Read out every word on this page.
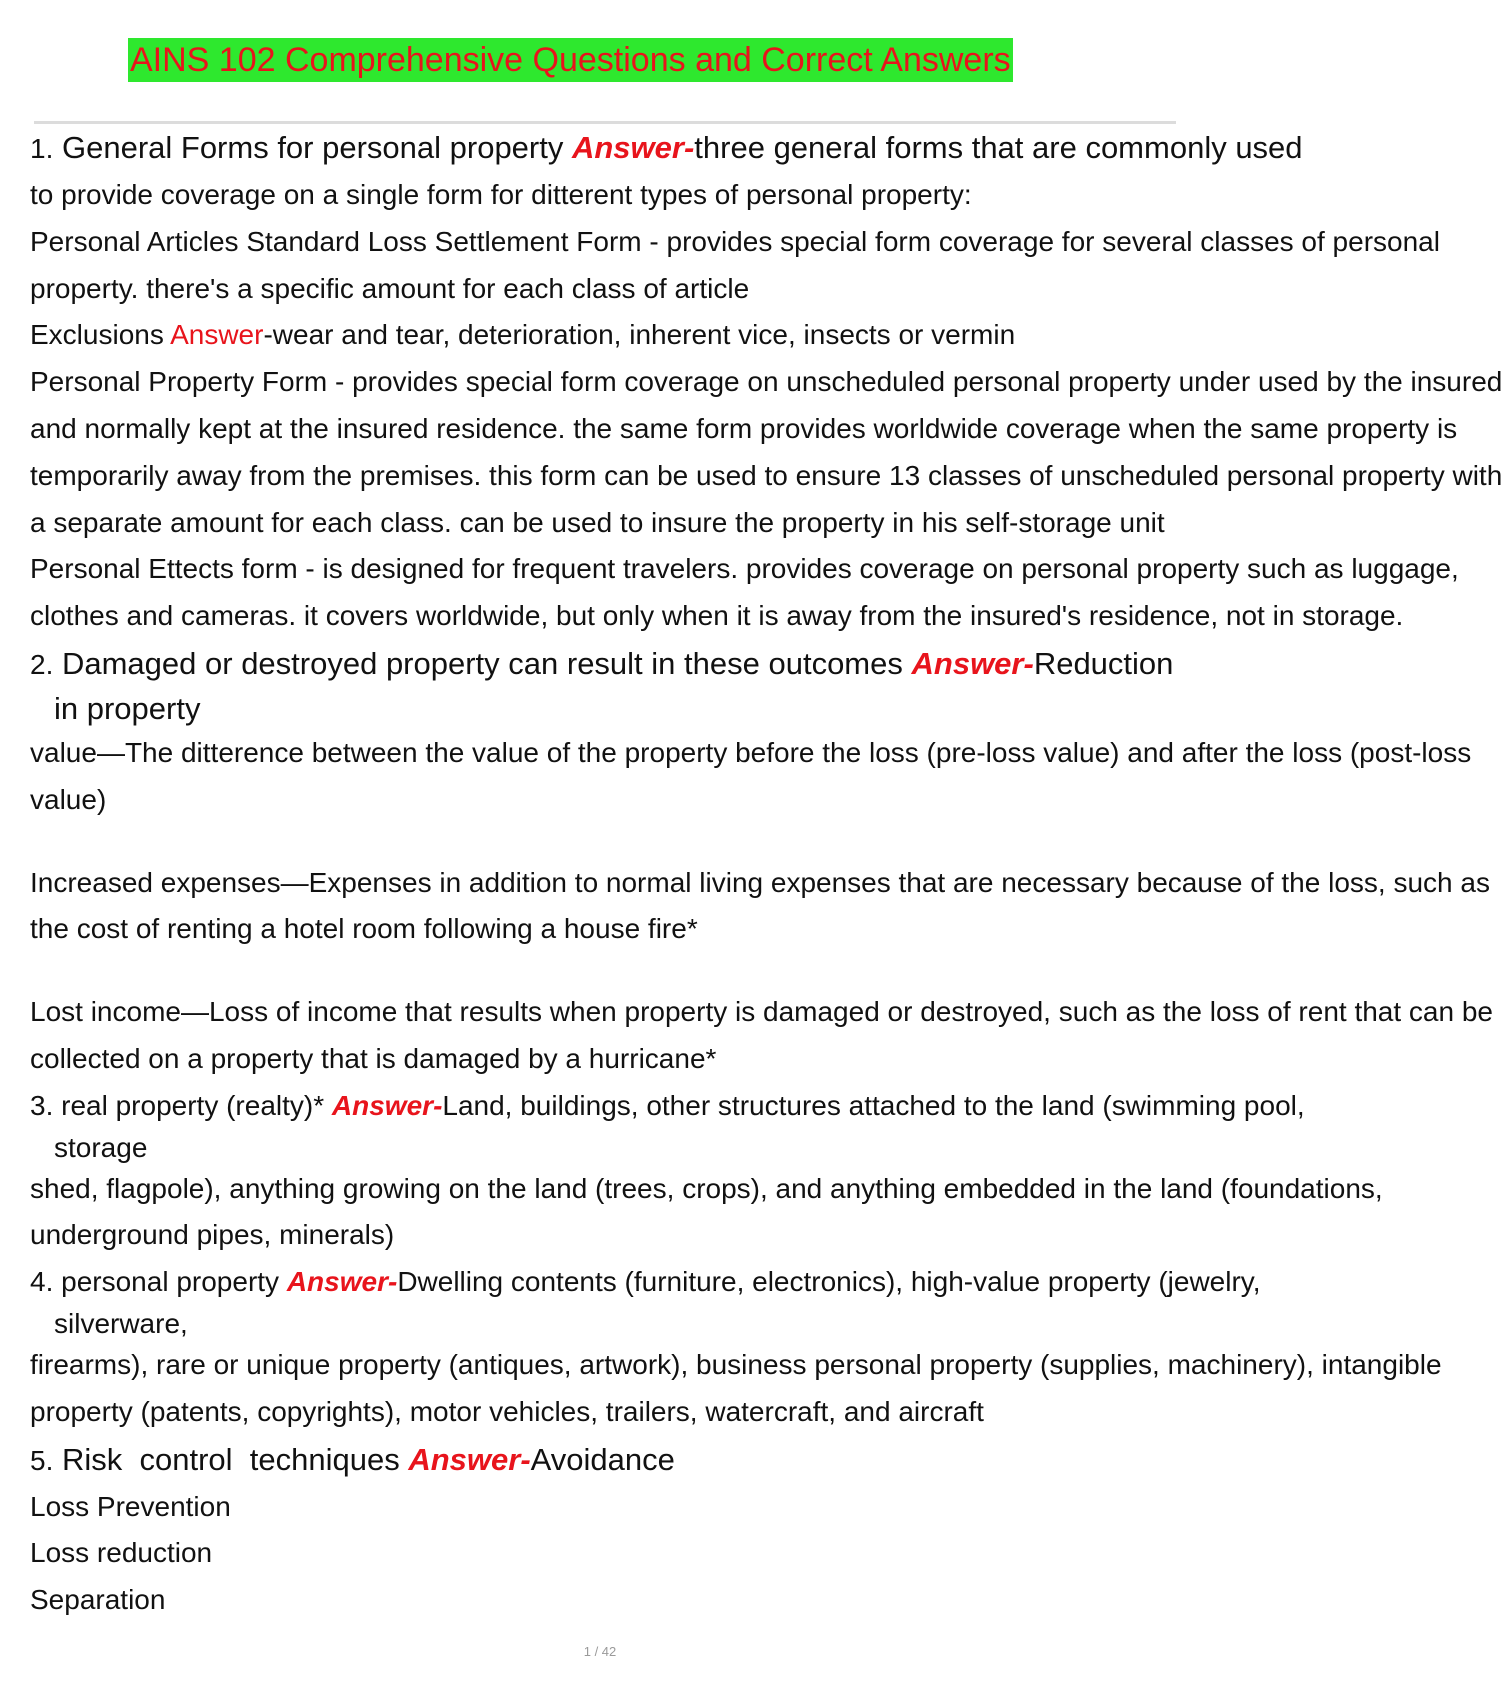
AINS 102 Comprehensive Questions and Correct Answers
1. General Forms for personal property Answer-three general forms that are commonly used
to provide coverage on a single form for ditterent types of personal property:
Personal Articles Standard Loss Settlement Form - provides special form coverage for several classes of personal
property. there's a specific amount for each class of article
Exclusions Answer-wear and tear, deterioration, inherent vice, insects or vermin
Personal Property Form - provides special form coverage on unscheduled personal property under used by the insured
and normally kept at the insured residence. the same form provides worldwide coverage when the same property is
temporarily away from the premises. this form can be used to ensure 13 classes of unscheduled personal property with
a separate amount for each class. can be used to insure the property in his self-storage unit
Personal Ettects form - is designed for frequent travelers. provides coverage on personal property such as luggage,
clothes and cameras. it covers worldwide, but only when it is away from the insured's residence, not in storage.
2. Damaged or destroyed property can result in these outcomes Answer-Reduction
in property
value—The ditterence between the value of the property before the loss (pre-loss value) and after the loss (post-loss
value)
Increased expenses—Expenses in addition to normal living expenses that are necessary because of the loss, such as
the cost of renting a hotel room following a house fire*
Lost income—Loss of income that results when property is damaged or destroyed, such as the loss of rent that can be
collected on a property that is damaged by a hurricane*
3. real property (realty)* Answer-Land, buildings, other structures attached to the land (swimming pool,
storage
shed, flagpole), anything growing on the land (trees, crops), and anything embedded in the land (foundations,
underground pipes, minerals)
4. personal property Answer-Dwelling contents (furniture, electronics), high-value property (jewelry,
silverware,
firearms), rare or unique property (antiques, artwork), business personal property (supplies, machinery), intangible
property (patents, copyrights), motor vehicles, trailers, watercraft, and aircraft
5. Risk  control  techniques Answer-Avoidance
Loss Prevention
Loss reduction
Separation
1 / 42
